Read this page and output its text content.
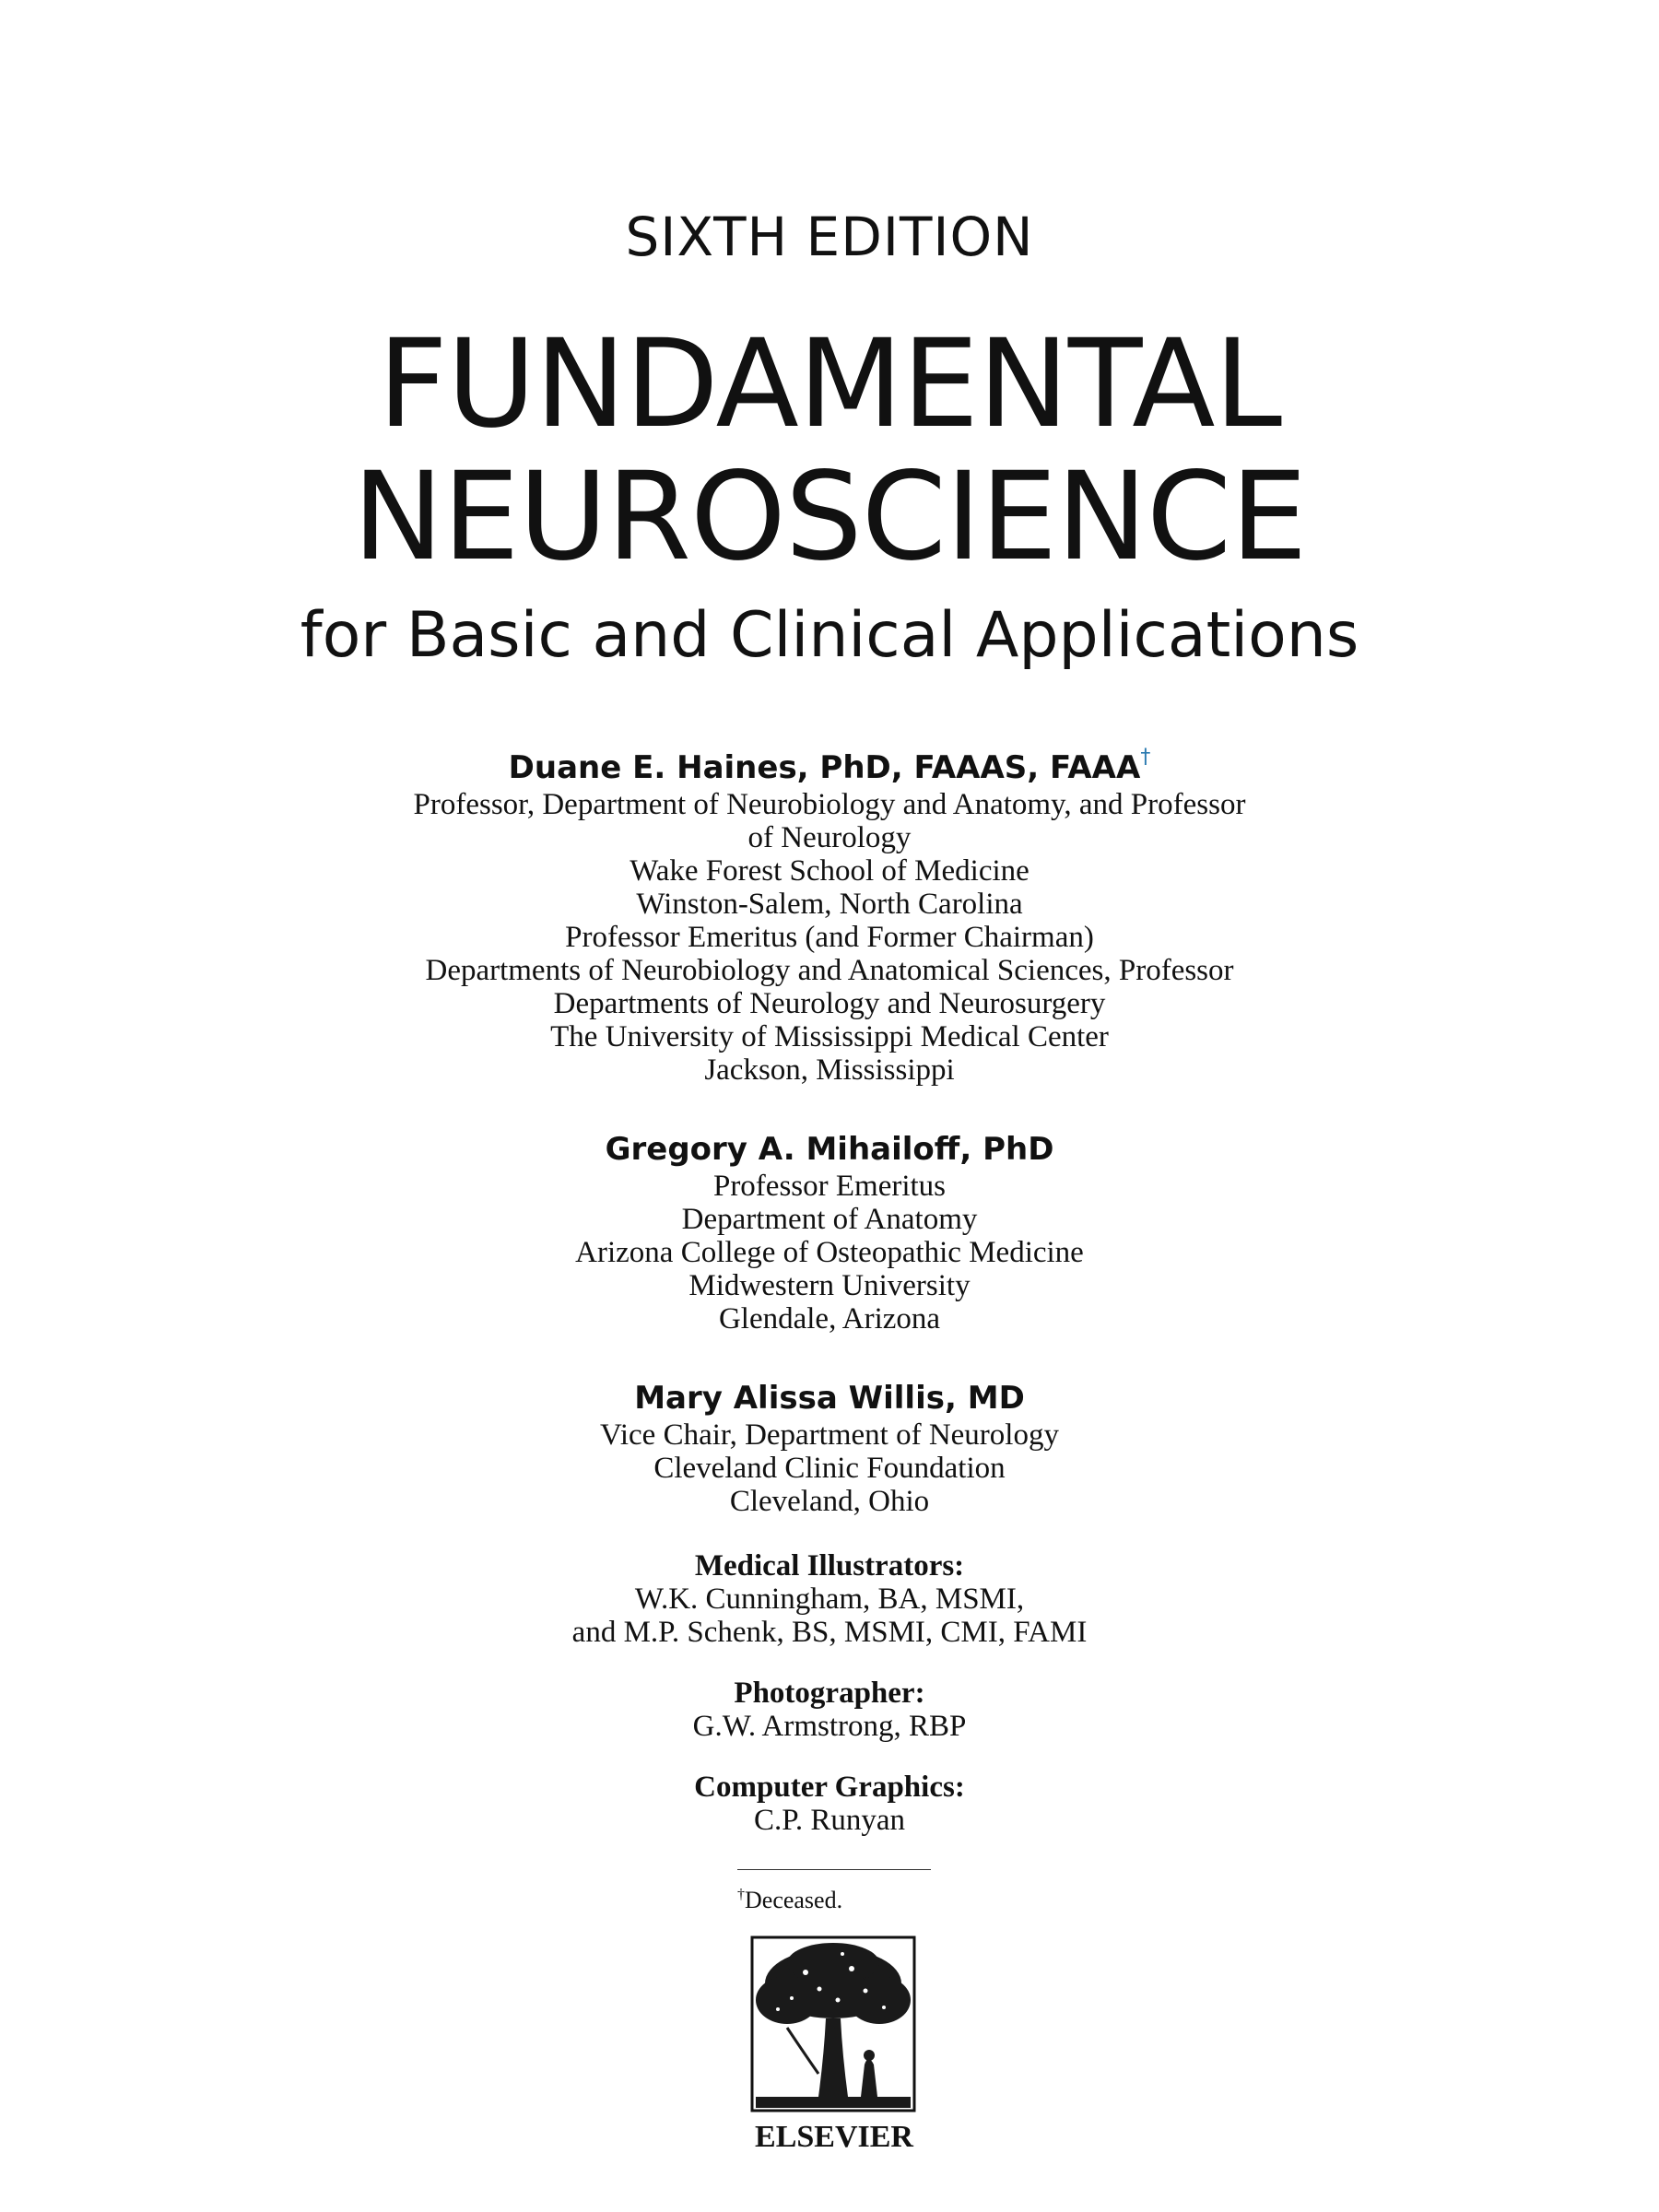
SIXTH EDITION
FUNDAMENTAL
NEUROSCIENCE
for Basic and Clinical Applications
Duane E. Haines, PhD, FAAAS, FAAA†
Professor, Department of Neurobiology and Anatomy, and Professor
of Neurology
Wake Forest School of Medicine
Winston-Salem, North Carolina
Professor Emeritus (and Former Chairman)
Departments of Neurobiology and Anatomical Sciences, Professor
Departments of Neurology and Neurosurgery
The University of Mississippi Medical Center
Jackson, Mississippi
Gregory A. Mihailoff, PhD
Professor Emeritus
Department of Anatomy
Arizona College of Osteopathic Medicine
Midwestern University
Glendale, Arizona
Mary Alissa Willis, MD
Vice Chair, Department of Neurology
Cleveland Clinic Foundation
Cleveland, Ohio
Medical Illustrators:
W.K. Cunningham, BA, MSMI,
and M.P. Schenk, BS, MSMI, CMI, FAMI
Photographer:
G.W. Armstrong, RBP
Computer Graphics:
C.P. Runyan
†Deceased.
ELSEVIER
